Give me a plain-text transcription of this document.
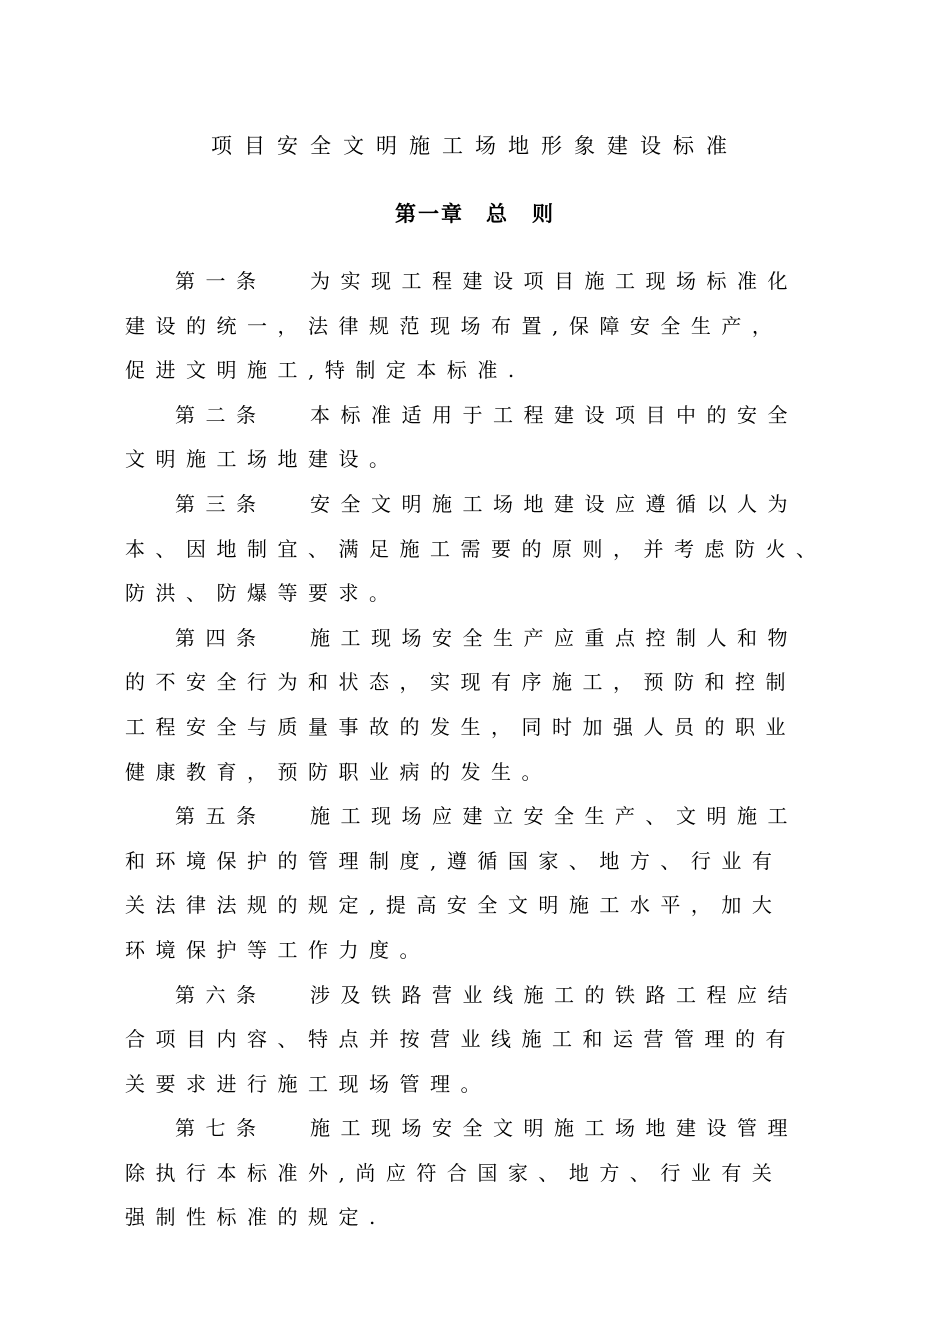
项目安全文明施工场地形象建设标准
第一章 总　则
第一条 为实现工程建设项目施工现场标准化
建设的统一，法律规范现场布置,保障安全生产，
促进文明施工,特制定本标准.
第二条 本标准适用于工程建设项目中的安全
文明施工场地建设。
第三条 安全文明施工场地建设应遵循以人为
本、因地制宜、满足施工需要的原则，并考虑防火、
防洪、防爆等要求。
第四条 施工现场安全生产应重点控制人和物
的不安全行为和状态，实现有序施工，预防和控制
工程安全与质量事故的发生，同时加强人员的职业
健康教育，预防职业病的发生。
第五条 施工现场应建立安全生产、文明施工
和环境保护的管理制度,遵循国家、地方、行业有
关法律法规的规定,提高安全文明施工水平，加大
环境保护等工作力度。
第六条 涉及铁路营业线施工的铁路工程应结
合项目内容、特点并按营业线施工和运营管理的有
关要求进行施工现场管理。
第七条 施工现场安全文明施工场地建设管理
除执行本标准外,尚应符合国家、地方、行业有关
强制性标准的规定.
